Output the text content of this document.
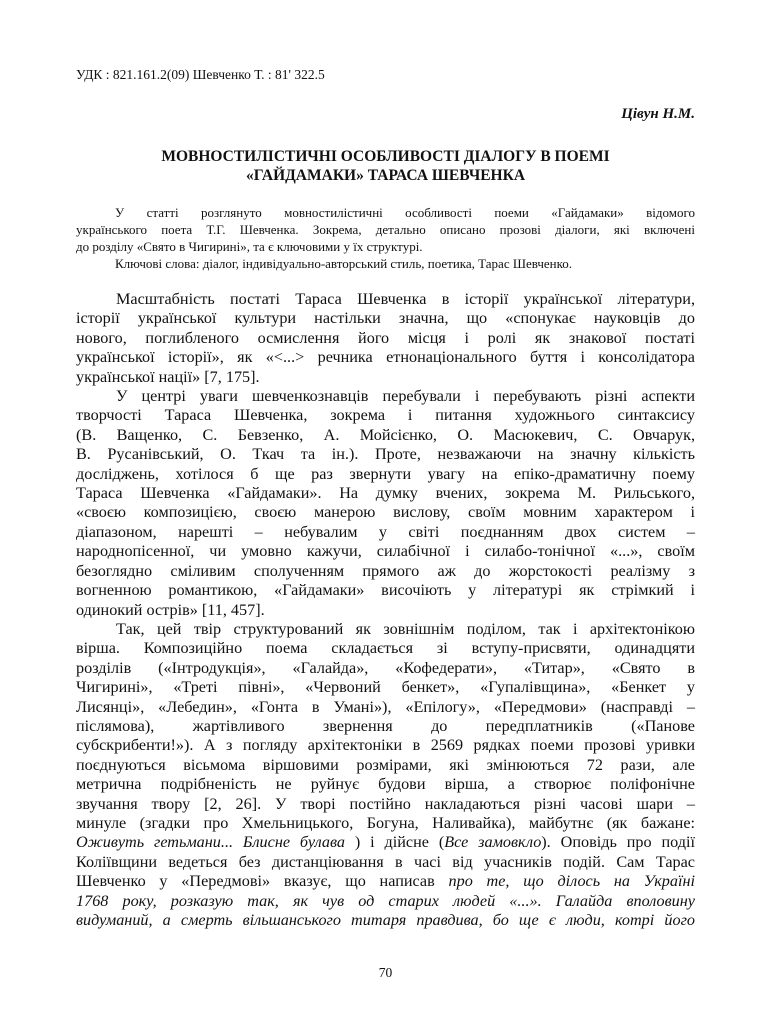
УДК : 821.161.2(09) Шевченко Т. : 81' 322.5
Цівун Н.М.
МОВНОСТИЛІСТИЧНІ ОСОБЛИВОСТІ ДІАЛОГУ В ПОЕМІ
«ГАЙДАМАКИ» ТАРАСА ШЕВЧЕНКА
У статті розглянуто мовностилістичні особливості поеми «Гайдамаки» відомого
українського поета Т.Г. Шевченка. Зокрема, детально описано прозові діалоги, які включені
до розділу «Свято в Чигирині», та є ключовими у їх структурі.
Ключові слова: діалог, індивідуально-авторський стиль, поетика, Тарас Шевченко.
Масштабність постаті Тараса Шевченка в історії української літератури,
історії української культури настільки значна, що «спонукає науковців до
нового, поглибленого осмислення його місця і ролі як знакової постаті
української історії», як «<...> речника етнонаціонального буття і консолідатора
української нації» [7, 175].
У центрі уваги шевченкознавців перебували і перебувають різні аспекти
творчості Тараса Шевченка, зокрема і питання художнього синтаксису
(В. Ващенко, С. Бевзенко, А. Мойсієнко, О. Масюкевич, С. Овчарук,
В. Русанівський, О. Ткач та ін.). Проте, незважаючи на значну кількість
досліджень, хотілося б ще раз звернути увагу на епіко-драматичну поему
Тараса Шевченка «Гайдамаки». На думку вчених, зокрема М. Рильського,
«своєю композицією, своєю манерою вислову, своїм мовним характером і
діапазоном, нарешті – небувалим у світі поєднанням двох систем –
народнопісенної, чи умовно кажучи, силабічної і силабо-тонічної «...», своїм
безоглядно сміливим сполученням прямого аж до жорстокості реалізму з
вогненною романтикою, «Гайдамаки» височіють у літературі як стрімкий і
одинокий острів» [11, 457].
Так, цей твір структурований як зовнішнім поділом, так і архітектонікою
вірша. Композиційно поема складається зі вступу-присвяти, одинадцяти
розділів («Інтродукція», «Галайда», «Кофедерати», «Титар», «Свято в
Чигирині», «Треті півні», «Червоний бенкет», «Гупалівщина», «Бенкет у
Лисянці», «Лебедин», «Гонта в Умані»), «Епілогу», «Передмови» (насправді –
післямова), жартівливого звернення до передплатників («Панове
субскрибенти!»). А з погляду архітектоніки в 2569 рядках поеми прозові уривки
поєднуються вісьмома віршовими розмірами, які змінюються 72 рази, але
метрична подрібненість не руйнує будови вірша, а створює поліфонічне
звучання твору [2, 26]. У творі постійно накладаються різні часові шари –
минуле (згадки про Хмельницького, Богуна, Наливайка), майбутнє (як бажане:
Оживуть гетьмани... Блисне булава ) і дійсне (Все замовкло). Оповідь про події
Коліївщини ведеться без дистанціювання в часі від учасників подій. Сам Тарас
Шевченко у «Передмові» вказує, що написав про те, що ділось на Україні
1768 року, розказую так, як чув од старих людей «...». Галайда вполовину
видуманий, а смерть вільшанського титаря правдива, бо ще є люди, котрі його
70
